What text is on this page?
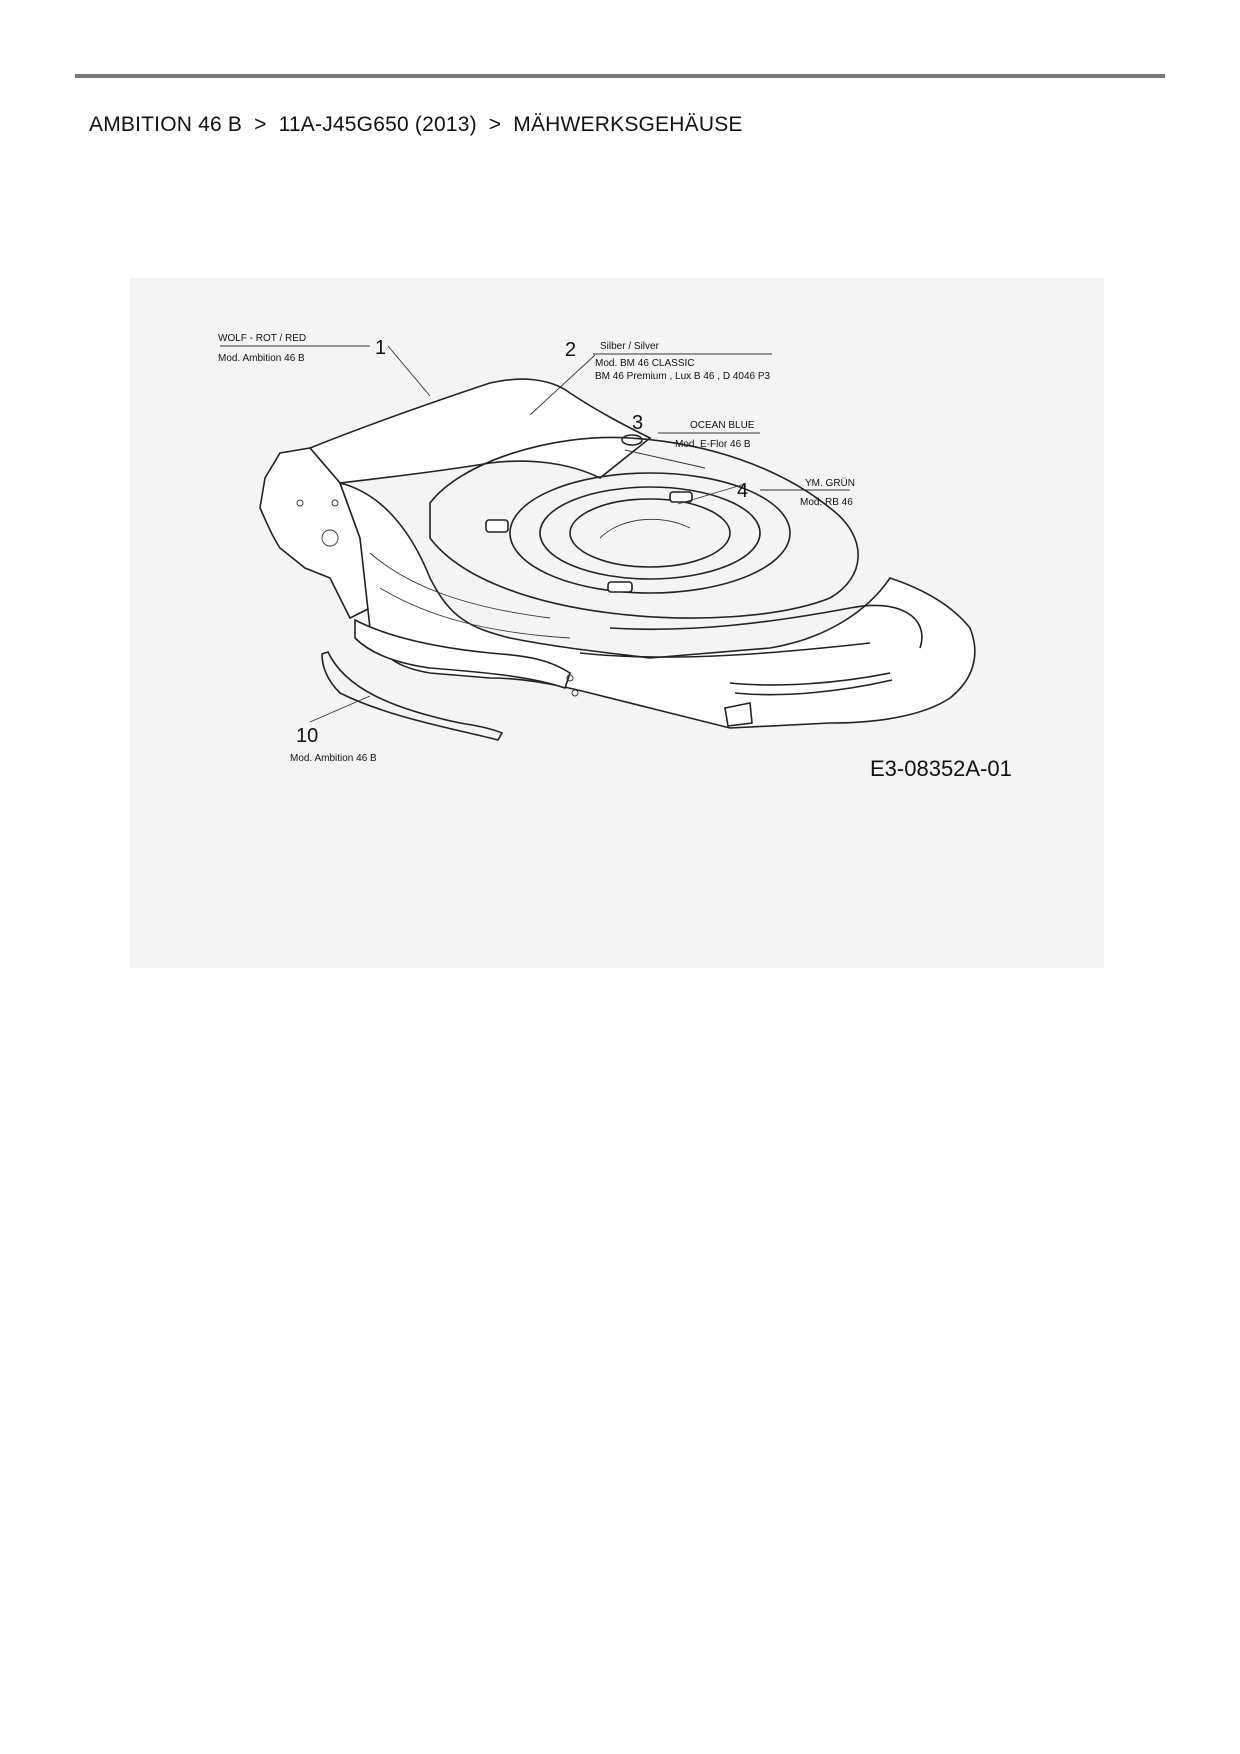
AMBITION 46 B > 11A-J45G650 (2013) > MÄHWERKSGEHÄUSE
WOLF - ROT / RED
Mod. Ambition 46 B	1	2 Silber / Silver
Mod. BM 46 CLASSIC
BM 46 Premium , Lux B 46 , D 4046 P3
3	OCEAN BLUE
Mod. E-Flor 46 B
4	YM. GRÜN
Mod. RB 46
10
Mod. Ambition 46 B	E3-08352A-01
